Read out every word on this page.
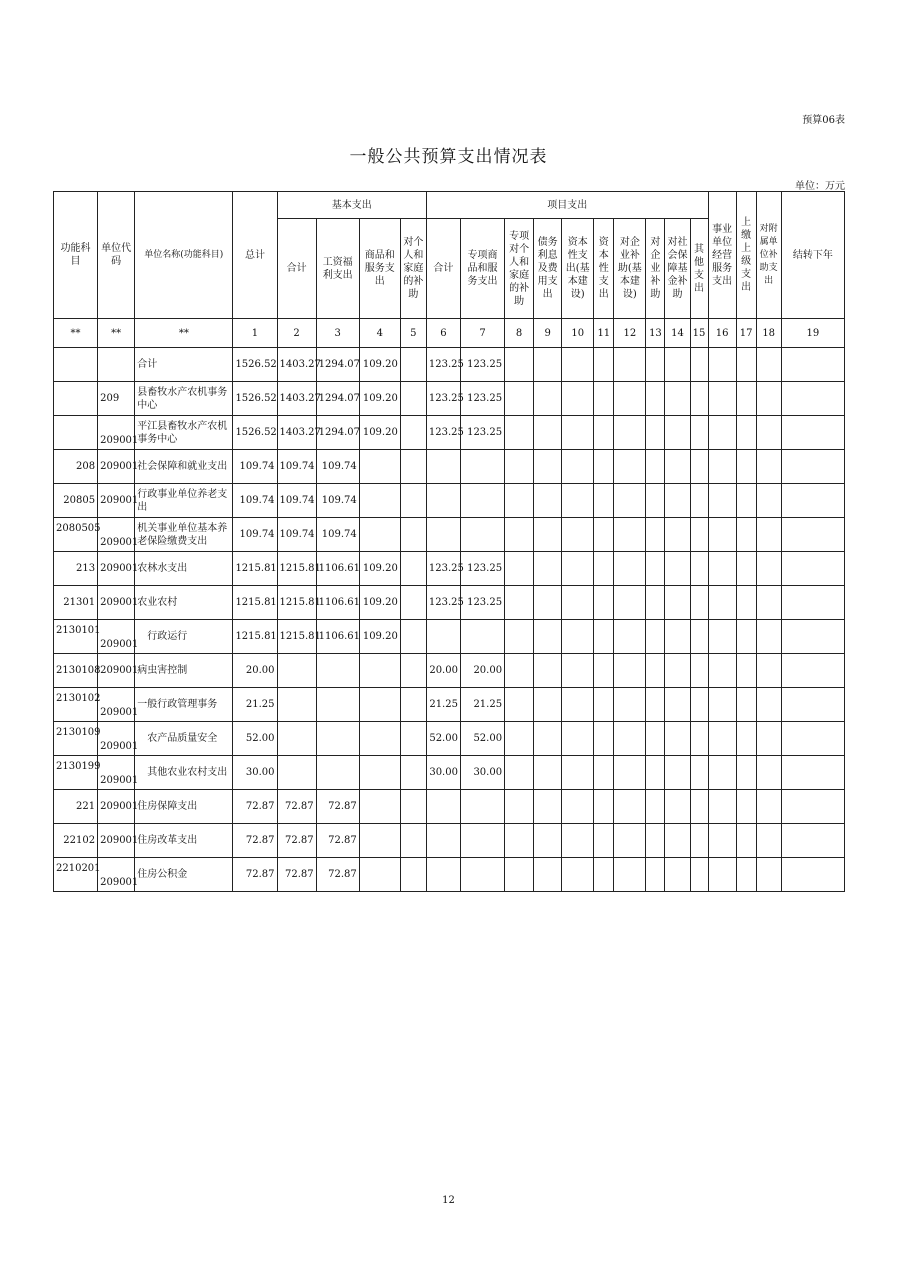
预算06表
一般公共预算支出情况表
单位：万元
功能科目	单位代码	单位名称(功能科目)	总计	基本支出				项目支出										事业单位经营服务支出	上缴上级支出	对附属单位补助支出	结转下年
				合计	工资福利支出	商品和服务支出	对个人和家庭的补助	合计	专项商品和服务支出	专项对个人和家庭的补助	债务利息及费用支出	资本性支出(基本建设)	资本性支出	对企业补助(基本建设)	对企业补助	对社会保障基金补助	其他支出				
**	**	**	1	2	3	4	5	6	7	8	9	10	11	12	13	14	15	16	17	18	19
		合计	1526.52	1403.27	1294.07	109.20		123.25	123.25												
	209	县畜牧水产农机事务中心	1526.52	1403.27	1294.07	109.20		123.25	123.25												
	209001	平江县畜牧水产农机事务中心	1526.52	1403.27	1294.07	109.20		123.25	123.25												
208	209001	社会保障和就业支出	109.74	109.74	109.74																
20805	209001	行政事业单位养老支出	109.74	109.74	109.74																
2080505	209001	机关事业单位基本养老保险缴费支出	109.74	109.74	109.74																
213	209001	农林水支出	1215.81	1215.81	1106.61	109.20		123.25	123.25												
21301	209001	农业农村	1215.81	1215.81	1106.61	109.20		123.25	123.25												
2130101	209001	行政运行	1215.81	1215.81	1106.61	109.20															
2130108	209001	病虫害控制	20.00					20.00	20.00												
2130102	209001	一般行政管理事务	21.25					21.25	21.25												
2130109	209001	农产品质量安全	52.00					52.00	52.00												
2130199	209001	其他农业农村支出	30.00					30.00	30.00												
221	209001	住房保障支出	72.87	72.87	72.87																
22102	209001	住房改革支出	72.87	72.87	72.87																
2210201	209001	住房公积金	72.87	72.87	72.87																
12
